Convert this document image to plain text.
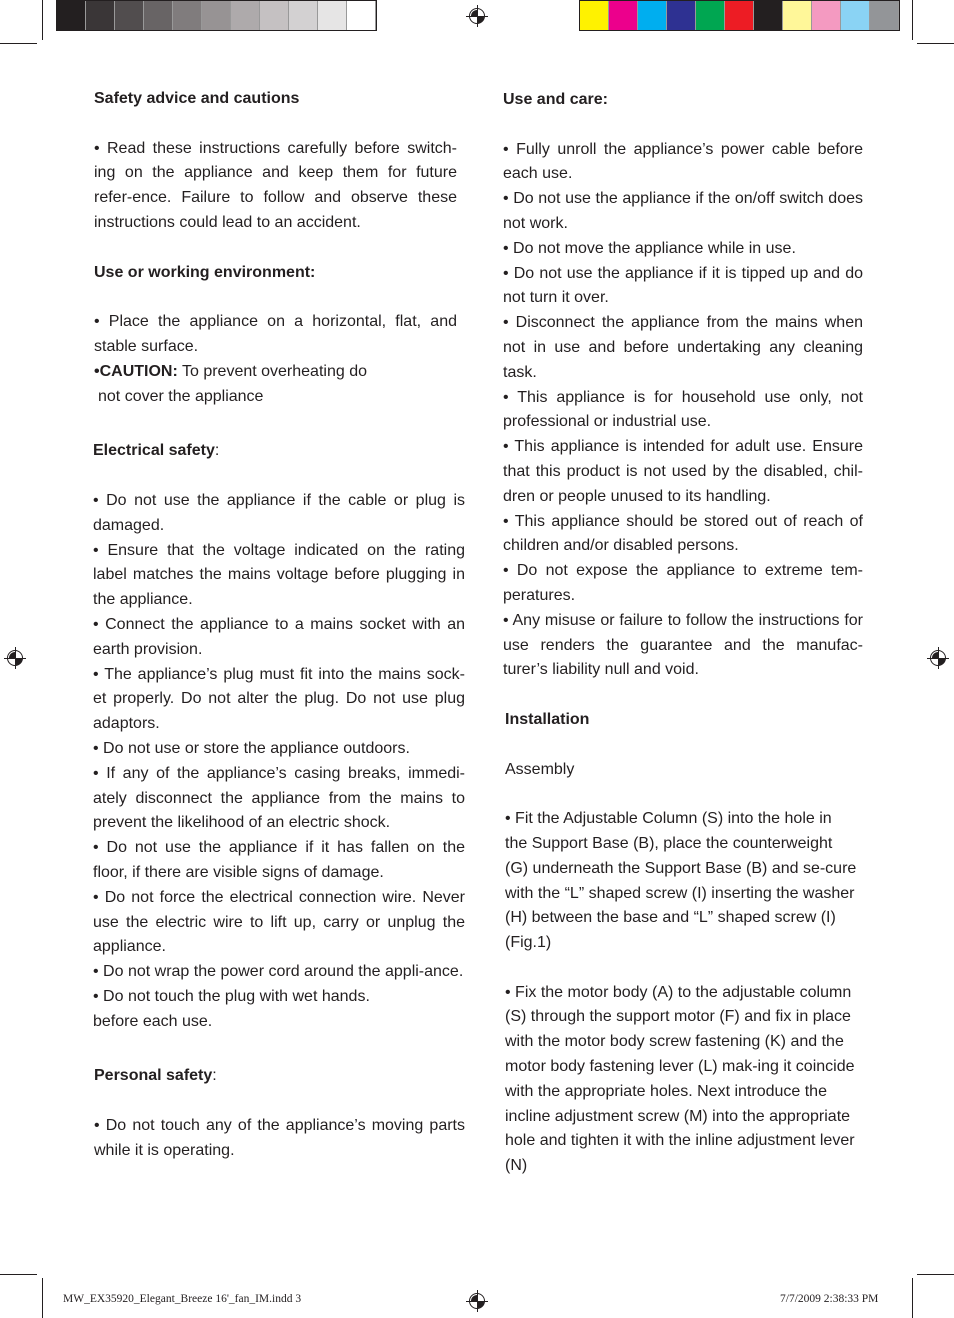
Safety advice and cautions

• Read these instructions carefully before switch-ing on the appliance and keep them for future refer-ence. Failure to follow and observe these instructions could lead to an accident.

Use or working environment:

• Place the appliance on a horizontal, flat, and stable surface.

•CAUTION: To prevent overheating do

not cover the appliance

Electrical safety:

• Do not use the appliance if the cable or plug is damaged.

• Ensure that the voltage indicated on the rating label matches the mains voltage before plugging in the appliance.

• Connect the appliance to a mains socket with an earth provision.

• The appliance’s plug must fit into the mains sock-et properly. Do not alter the plug. Do not use plug adaptors.

• Do not use or store the appliance outdoors.

• If any of the appliance’s casing breaks, immedi-ately disconnect the appliance from the mains to prevent the likelihood of an electric shock.

• Do not use the appliance if it has fallen on the floor, if there are visible signs of damage.

• Do not force the electrical connection wire. Never use the electric wire to lift up, carry or unplug the appliance.

• Do not wrap the power cord around the appli-ance.

• Do not touch the plug with wet hands.

before each use.

Personal safety:

• Do not touch any of the appliance’s moving parts while it is operating.

Use and care:

• Fully unroll the appliance’s power cable before each use.

• Do not use the appliance if the on/off switch does not work.

• Do not move the appliance while in use.

• Do not use the appliance if it is tipped up and do not turn it over.

• Disconnect the appliance from the mains when not in use and before undertaking any cleaning task.

• This appliance is for household use only, not professional or industrial use.

• This appliance is intended for adult use. Ensure that this product is not used by the disabled, chil-dren or people unused to its handling.

• This appliance should be stored out of reach of children and/or disabled persons.

• Do not expose the appliance to extreme tem-peratures.

• Any misuse or failure to follow the instructions for use renders the guarantee and the manufac-turer’s liability null and void.

Installation

Assembly

• Fit the Adjustable Column (S) into the hole in the Support Base (B), place the counterweight (G) underneath the Support Base (B) and se-cure with the “L” shaped screw (I) inserting the washer (H) between the base and “L” shaped screw (I) (Fig.1)

• Fix the motor body (A) to the adjustable column (S) through the support motor (F) and fix in place with the motor body screw fastening (K) and the motor body fastening lever (L) mak-ing it coincide with the appropriate holes. Next introduce the incline adjustment screw (M) into the appropriate hole and tighten it with the inline adjustment lever (N)

MW_EX35920_Elegant_Breeze 16'_fan_IM.indd 3	7/7/2009 2:38:33 PM
